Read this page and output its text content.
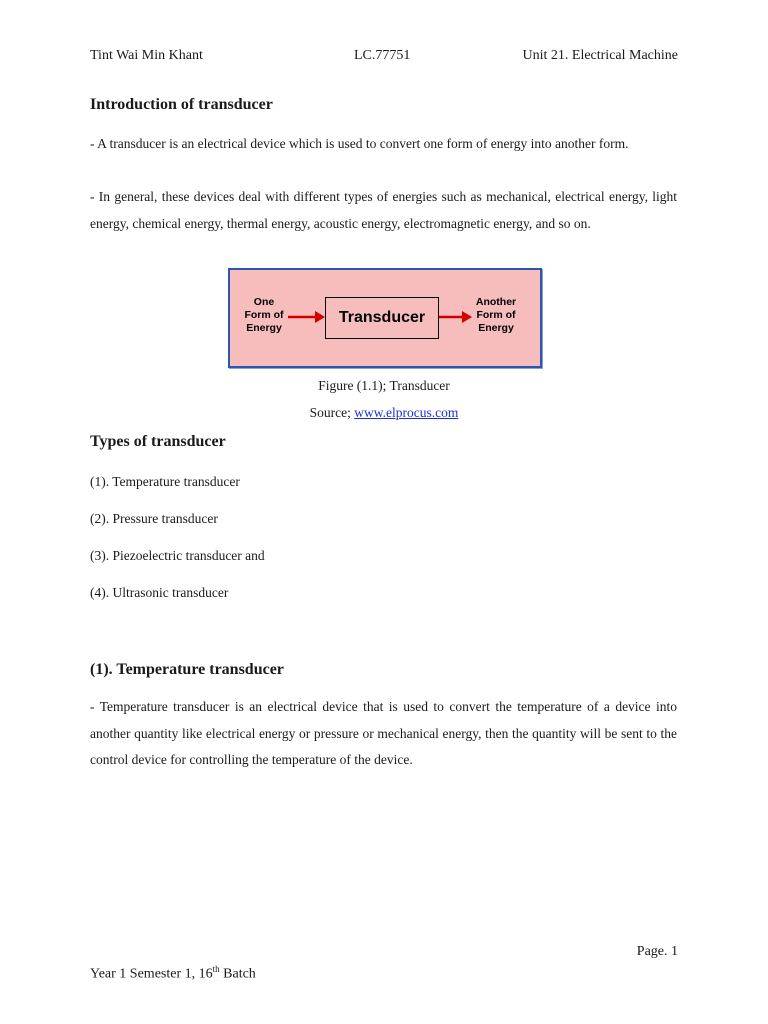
Tint Wai Min Khant	LC.77751	Unit 21. Electrical Machine
Introduction of transducer

- A transducer is an electrical device which is used to convert one form of energy into another form.

- In general, these devices deal with different types of energies such as mechanical, electrical energy, light energy, chemical energy, thermal energy, acoustic energy, electromagnetic energy, and so on.

One
Form of
Energy
Transducer
Another
Form of
Energy
Figure (1.1); Transducer
Source; www.elprocus.com
Types of transducer
(1). Temperature transducer
(2). Pressure transducer
(3). Piezoelectric transducer and
(4). Ultrasonic transducer
(1). Temperature transducer

- Temperature transducer is an electrical device that is used to convert the temperature of a device into another quantity like electrical energy or pressure or mechanical energy, then the quantity will be sent to the control device for controlling the temperature of the device.

Page. 1
Year 1 Semester 1, 16th Batch
